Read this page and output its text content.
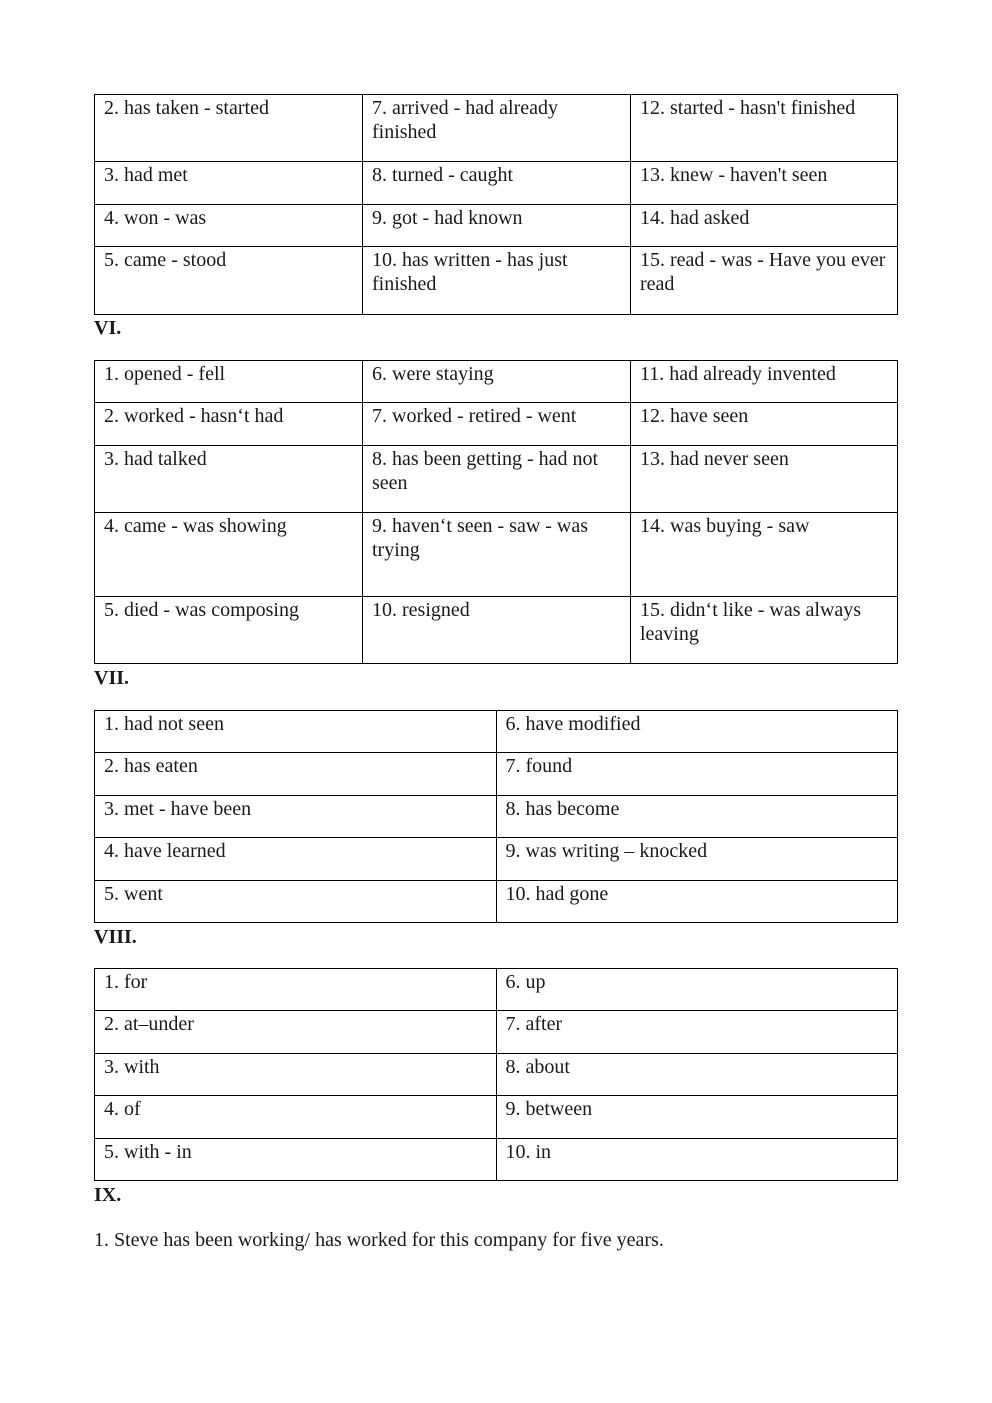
2. has taken - started	7. arrived - had already finished	12. started - hasn't finished
3. had met	8. turned - caught	13. knew - haven't seen
4. won - was	9. got - had known	14. had asked
5. came - stood	10. has written - has just finished	15. read - was - Have you ever read
VI.
1. opened - fell	6. were staying	11. had already invented
2. worked - hasn‘t had	7. worked - retired - went	12. have seen
3. had talked	8. has been getting - had not seen	13. had never seen
4. came - was showing	9. haven‘t seen - saw - was trying	14. was buying - saw
5. died - was composing	10. resigned	15. didn‘t like - was always leaving
VII.
1. had not seen	6. have modified
2. has eaten	7. found
3. met - have been	8. has become
4. have learned	9. was writing – knocked
5. went	10. had gone
VIII.
1. for	6. up
2. at–under	7. after
3. with	8. about
4. of	9. between
5. with - in	10. in
IX.

1. Steve has been working/ has worked for this company for five years.
